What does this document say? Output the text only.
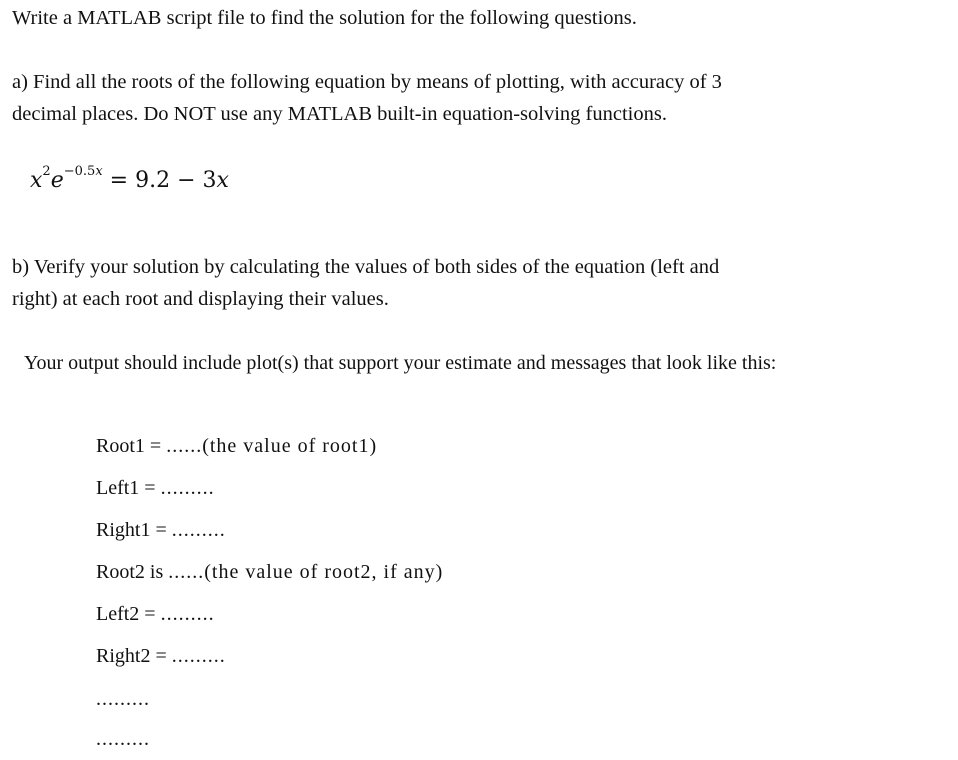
Write a MATLAB script file to find the solution for the following questions.
a) Find all the roots of the following equation by means of plotting, with accuracy of 3
decimal places. Do NOT use any MATLAB built-in equation-solving functions.
$x^2e^{-0.5x} = 9.2 - 3x$
b) Verify your solution by calculating the values of both sides of the equation (left and
right) at each root and displaying their values.
Your output should include plot(s) that support your estimate and messages that look like this:
Root1 = ......(the value of root1)
Left1 = .........
Right1 = .........
Root2 is ......(the value of root2, if any)
Left2 = .........
Right2 = .........
.........
.........
